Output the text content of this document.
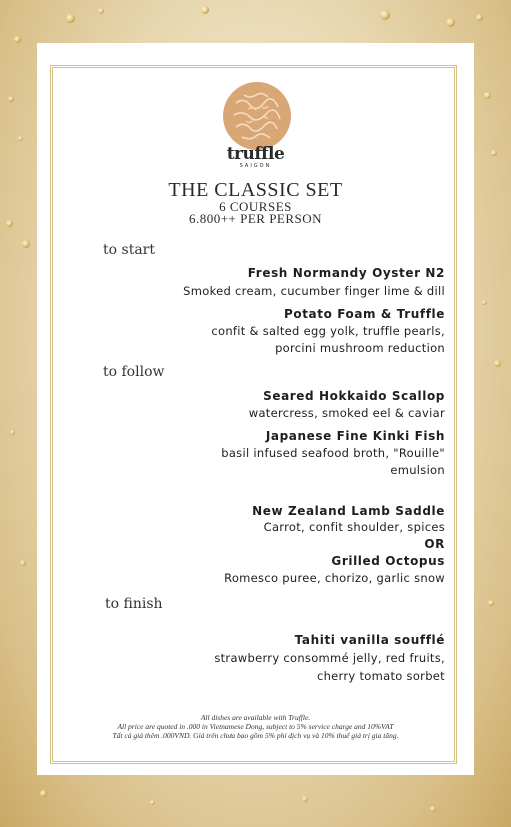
truffle
SAIGON
THE CLASSIC SET
6 COURSES
6.800++ PER PERSON
to start
Fresh Normandy Oyster N2
Smoked cream, cucumber finger lime & dill
Potato Foam & Truffle
confit & salted egg yolk, truffle pearls,
porcini mushroom reduction
to follow
Seared Hokkaido Scallop
watercress, smoked eel & caviar
Japanese Fine Kinki Fish
basil infused seafood broth, "Rouille"
emulsion
New Zealand Lamb Saddle
Carrot, confit shoulder, spices
OR
Grilled Octopus
Romesco puree, chorizo, garlic snow
to finish
Tahiti vanilla soufflé
strawberry consommé jelly, red fruits,
cherry tomato sorbet
All dishes are available with Truffle.
All price are quoted in .000 in Vietnamese Dong, subject to 5% service charge and 10%VAT
Tất cả giá thêm .000VND. Giá trên chưa bao gồm 5% phí dịch vụ và 10% thuế giá trị gia tăng.
